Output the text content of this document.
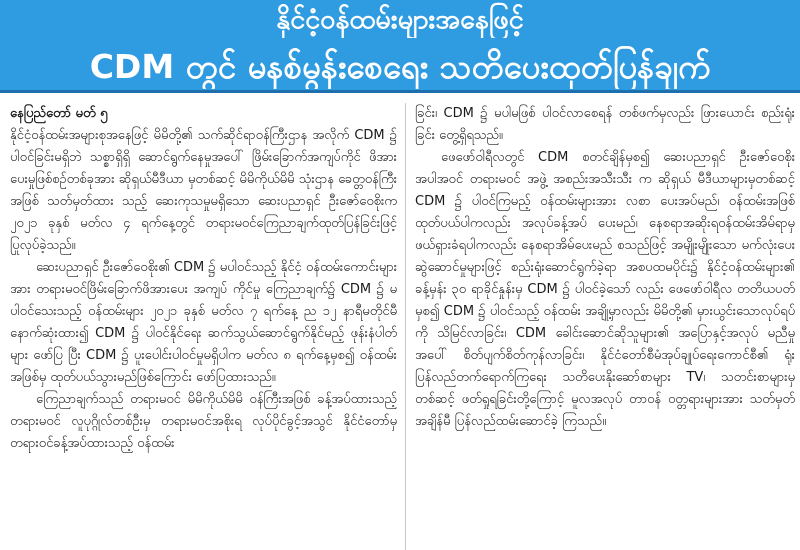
နိုင်ငံ့ဝန်ထမ်းများအနေဖြင့်
CDM တွင် မနစ်မွန်းစေရေး သတိပေးထုတ်ပြန်ချက်
နေပြည်တော် မတ် ၅

နိုင်ငံ့ဝန်ထမ်းအများစုအနေဖြင့် မိမိတို့၏ သက်ဆိုင်ရာဝန်ကြီးဌာန အလိုက် CDM ၌ ပါဝင်ခြင်းမရှိဘဲ သစ္စာရှိရှိ ဆောင်ရွက်နေမှုအပေါ် ဖြိမ်းခြောက်အကျပ်ကိုင် ဖိအားပေးမှုဖြစ်စဉ်တစ်ခုအား ဆိုရှယ်မီဒီယာ မှတစ်ဆင့် မိမိကိုယ်မိမိ သုံးဌာန ခေတ္တဝန်ကြီးအဖြစ် သတ်မှတ်ထား သည့် ဆေးကုသမှုမရှိသော ဆေးပညာရှင် ဦးဇော်ဝေစိုးက ၂၀၂၁ ခုနှစ် မတ်လ ၄ ရက်နေ့တွင် တရားမဝင်ကြေညာချက်ထုတ်ပြန်ခြင်းဖြင့် ပြုလုပ်ခဲ့သည်။

ဆေးပညာရှင် ဦးဇော်ဝေစိုး၏ CDM ၌ မပါဝင်သည့် နိုင်ငံ့ ဝန်ထမ်းကောင်းများအား တရားမဝင်ဖြိမ်းခြောက်ဖိအားပေး အကျပ် ကိုင်မှု ကြေညာချက်၌ CDM ၌ မပါဝင်သေးသည့် ဝန်ထမ်းများ ၂၀၂၁ ခုနှစ် မတ်လ ၇ ရက်နေ့ ည ၁၂ နာရီမတိုင်မီ နောက်ဆုံးထား၍ CDM ၌ ပါဝင်နိုင်ရေး ဆက်သွယ်ဆောင်ရွက်နိုင်မည့် ဖုန်းနံပါတ်များ ဖော်ပြ ပြီး CDM ၌ ပူးပေါင်းပါဝင်မှုမရှိပါက မတ်လ ၈ ရက်နေ့မှစ၍ ဝန်ထမ်း အဖြစ်မှ ထုတ်ပယ်သွားမည်ဖြစ်ကြောင်း ဖော်ပြထားသည်။

ကြေညာချက်သည် တရားမဝင် မိမိကိုယ်မိမိ ဝန်ကြီးအဖြစ် ခန့်အပ်ထားသည့် တရားမဝင် လူပုဂ္ဂိုလ်တစ်ဦးမှ တရားမဝင်အစိုးရ လုပ်ပိုင်ခွင့်အသွင် နိုင်ငံတော်မှ တရားဝင်ခန့်အပ်ထားသည့် ဝန်ထမ်း

ခြင်း၊ CDM ၌ မပါမဖြစ် ပါဝင်လာစေရန် တစ်ဖက်မှလည်း ဖြားယောင်း စည်းရုံးခြင်း တွေ့ရှိရသည်။

ဖေဖော်ဝါရီလတွင် CDM စတင်ချိန်မှစ၍ ဆေးပညာရှင် ဦးဇော်ဝေစိုး အပါအဝင် တရားမဝင် အဖွဲ့ အစည်းအသီးသီး က ဆိုရှယ် မီဒီယာများမှတစ်ဆင့် CDM ၌ ပါဝင်ကြမည့် ဝန်ထမ်းများအား လစာ ပေးအပ်မည်၊ ဝန်ထမ်းအဖြစ် ထုတ်ပယ်ပါကလည်း အလုပ်ခန့်အပ် ပေးမည်၊ နေစရာအဆိုးရဝန်ထမ်းအိမ်ရာမှ ဖယ်ရှားခံရပါကလည်း နေစရာအိမ်ပေးမည် စသည်ဖြင့် အမျိုးမျိုးသော မက်လုံးပေး ဆွဲဆောင်မှုများဖြင့် စည်းရုံးဆောင်ရွက်ခဲ့ရာ အစပထမပိုင်း၌ နိုင်ငံ့ဝန်ထမ်းများ၏ ခန့်မှန်း ၃၀ ရာခိုင်နှုန်းမှ CDM ၌ ပါဝင်ခဲ့သော် လည်း ဖေဖော်ဝါရီလ တတိယပတ်မှစ၍ CDM ၌ ပါဝင်သည့် ဝန်ထမ်း အချို့မှာလည်း မိမိတို့၏ မှားယွင်းသောလုပ်ရပ်ကို သိမြင်လာခြင်း၊ CDM ခေါင်းဆောင်ဆိုသူများ၏ အပြောနှင့်အလုပ် မညီမှုအပေါ် စိတ်ပျက်စိတ်ကုန်လာခြင်း၊ နိုင်ငံတော်စီမံအုပ်ချုပ်ရေးကောင်စီ၏ ရုံးပြန်လည်တက်ရောက်ကြရေး သတိပေးနိုးဆော်စာများ TV၊ သတင်းစာများမှတစ်ဆင့် ဖတ်ရှုရခြင်းတို့ကြောင့် မူလအလုပ် တာဝန် ဝတ္တရားများအား သတ်မှတ်အချိန်မီ ပြန်လည်ထမ်းဆောင်ခဲ့ ကြသည်။
